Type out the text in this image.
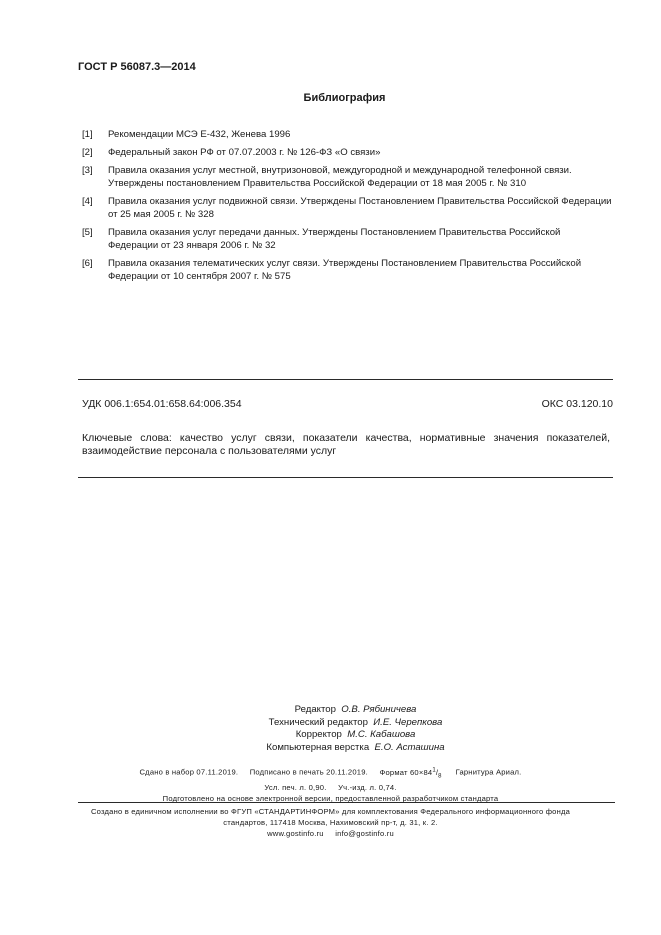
ГОСТ Р 56087.3—2014
Библиография
[1]	Рекомендации МСЭ Е-432, Женева 1996
[2]	Федеральный закон РФ от 07.07.2003 г. № 126-ФЗ «О связи»
[3]	Правила оказания услуг местной, внутризоновой, междугородной и международной телефонной связи. Утверждены постановлением Правительства Российской Федерации от 18 мая 2005 г. № 310
[4]	Правила оказания услуг подвижной связи. Утверждены Постановлением Правительства Российской Федерации от 25 мая 2005 г. № 328
[5]	Правила оказания услуг передачи данных. Утверждены Постановлением Правительства Российской Федерации от 23 января 2006 г. № 32
[6]	Правила оказания телематических услуг связи. Утверждены Постановлением Правительства Российской Федерации от 10 сентября 2007 г. № 575
УДК 006.1:654.01:658.64:006.354	ОКС 03.120.10
Ключевые слова: качество услуг связи, показатели качества, нормативные значения показателей, взаимодействие персонала с пользователями услуг
Редактор О.В. Рябиничева
Технический редактор И.Е. Черепкова
Корректор М.С. Кабашова
Компьютерная верстка Е.О. Асташина
Сдано в набор 07.11.2019. Подписано в печать 20.11.2019. Формат $60\times 84^1/_8$ Гарнитура Ариал.
Усл. печ. л. 0,90. Уч.-изд. л. 0,74.
Подготовлено на основе электронной версии, предоставленной разработчиком стандарта
Создано в единичном исполнении во ФГУП «СТАНДАРТИНФОРМ» для комплектования Федерального информационного фонда
стандартов, 117418 Москва, Нахимовский пр-т, д. 31, к. 2.
www.gostinfo.ru info@gostinfo.ru
